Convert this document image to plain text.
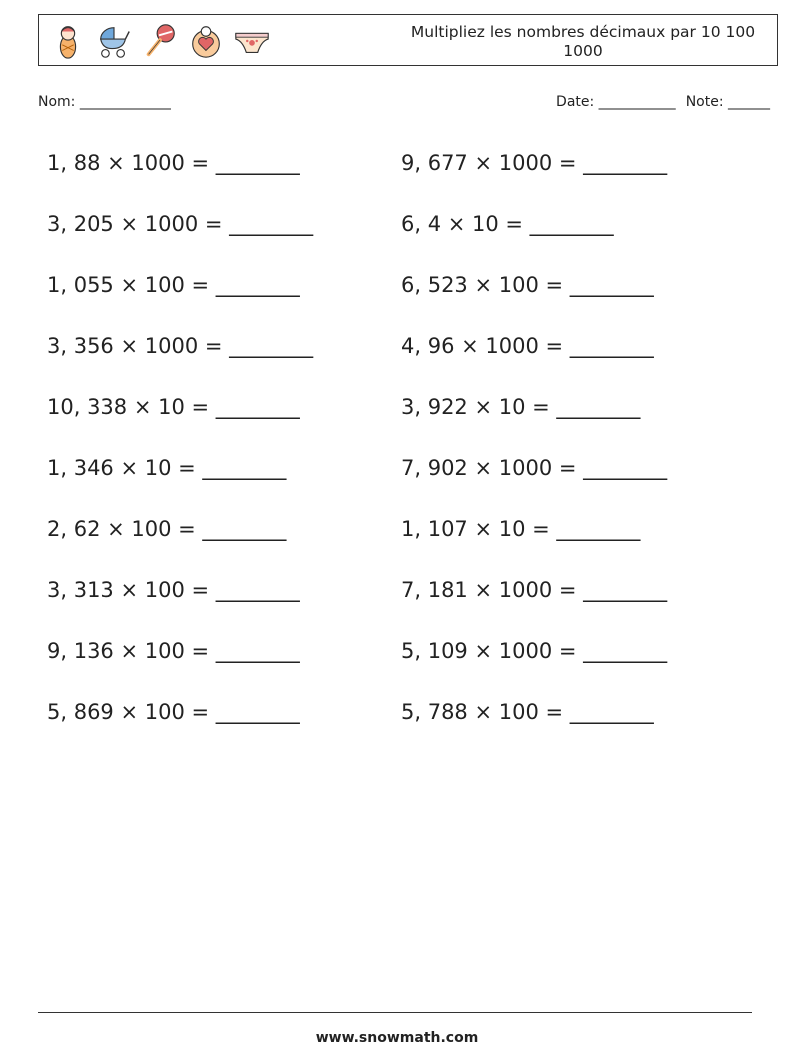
Multipliez les nombres décimaux par 10 100 1000
Nom: _____________	Date: ___________ Note: ______
1, 88 × 1000 = ________
3, 205 × 1000 = ________
1, 055 × 100 = ________
3, 356 × 1000 = ________
10, 338 × 10 = ________
1, 346 × 10 = ________
2, 62 × 100 = ________
3, 313 × 100 = ________
9, 136 × 100 = ________
5, 869 × 100 = ________
9, 677 × 1000 = ________
6, 4 × 10 = ________
6, 523 × 100 = ________
4, 96 × 1000 = ________
3, 922 × 10 = ________
7, 902 × 1000 = ________
1, 107 × 10 = ________
7, 181 × 1000 = ________
5, 109 × 1000 = ________
5, 788 × 100 = ________
www.snowmath.com
